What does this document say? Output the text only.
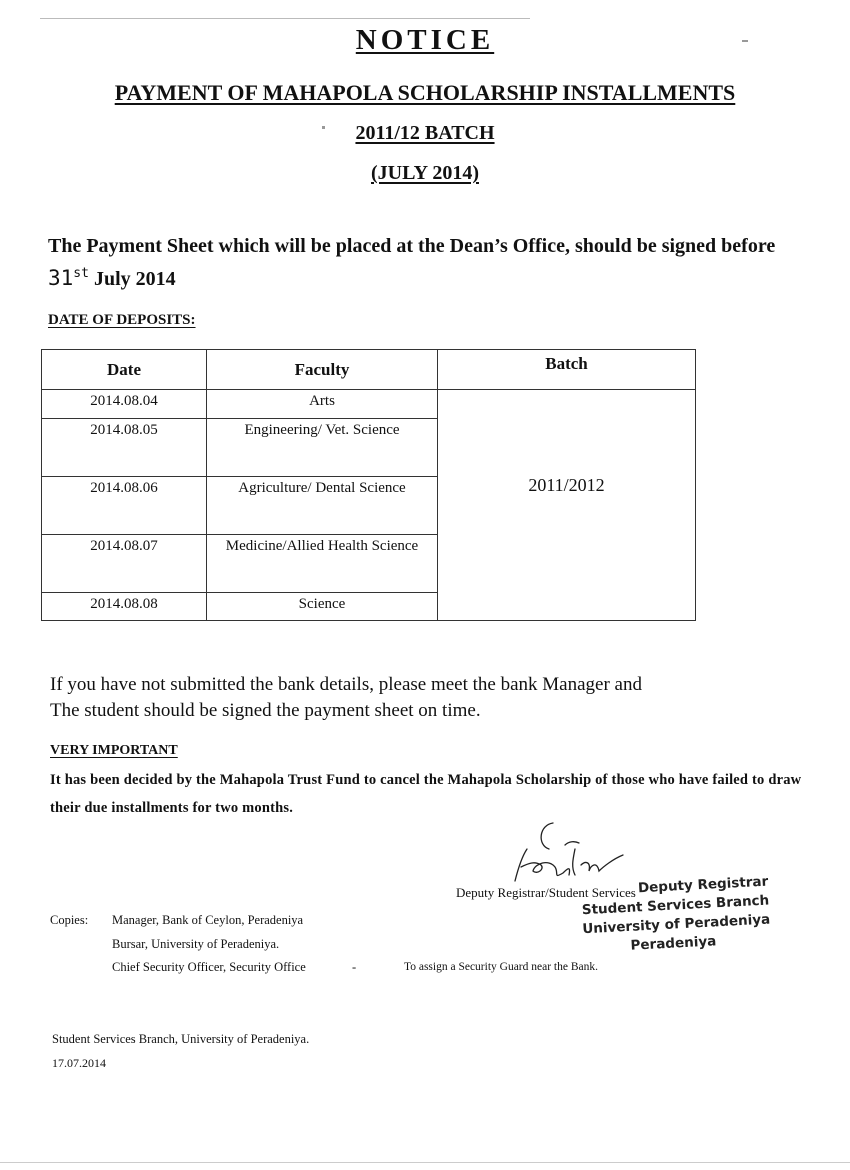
NOTICE
PAYMENT OF MAHAPOLA SCHOLARSHIP INSTALLMENTS
2011/12 BATCH
(JULY 2014)
The Payment Sheet which will be placed at the Dean’s Office, should be signed before 31st July 2014
DATE OF DEPOSITS:
Date	Faculty	Batch
2014.08.04	Arts	2011/2012
2014.08.05	Engineering/ Vet. Science	
2014.08.06	Agriculture/ Dental Science	
2014.08.07	Medicine/Allied Health Science	
2014.08.08	Science	
If you have not submitted the bank details, please meet the bank Manager and
The student should be signed the payment sheet on time.
VERY IMPORTANT
It has been decided by the Mahapola Trust Fund to cancel the Mahapola Scholarship of those who have failed to draw their due installments for two months.
Deputy Registrar/Student Services Deputy Registrar
Student Services Branch
University of Peradeniya
Peradeniya
Copies: Manager, Bank of Ceylon, Peradeniya
Bursar, University of Peradeniya.
Chief Security Officer, Security Office	-	To assign a Security Guard near the Bank.
Student Services Branch, University of Peradeniya.
17.07.2014
